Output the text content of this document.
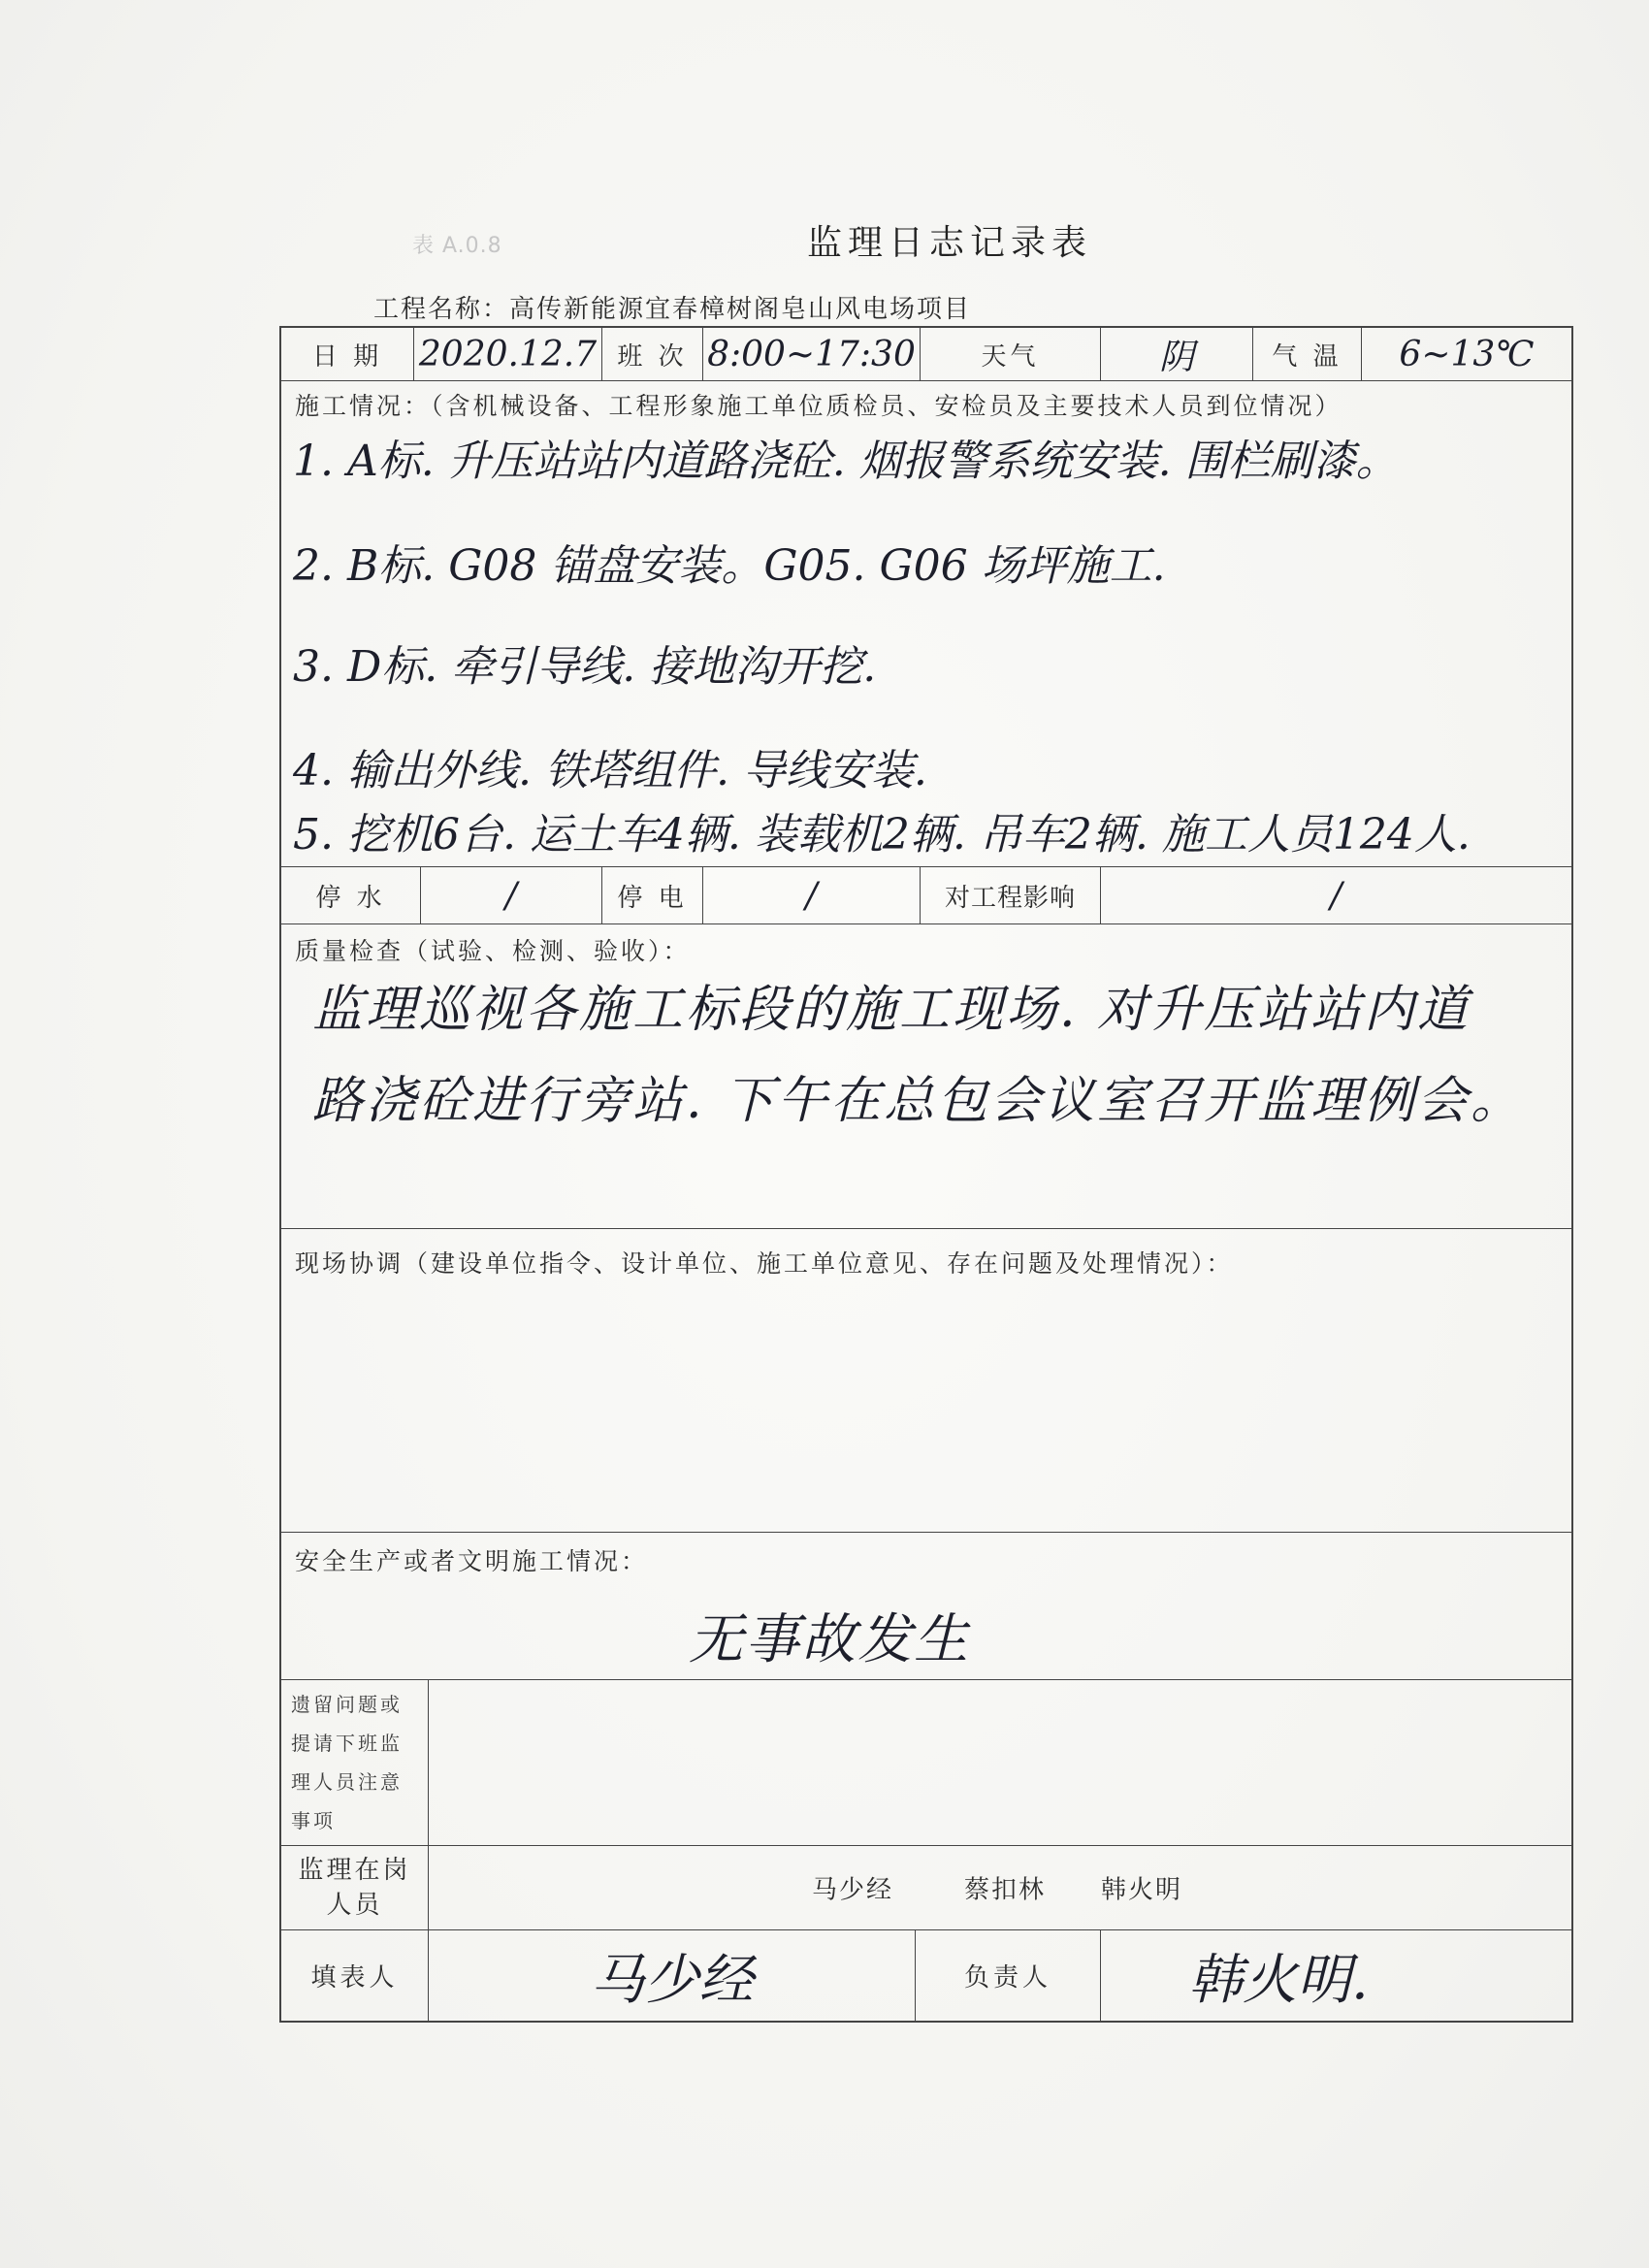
表 A.0.8	监理日志记录表
工程名称：高传新能源宜春樟树阁皂山风电场项目
日 期	2020.12.7 班 次 8:00~17:30	天气	阴	气 温	6~13℃
施工情况：（含机械设备、工程形象施工单位质检员、安检员及主要技术人员到位情况）
1. A标. 升压站站内道路浇砼. 烟报警系统安装. 围栏刷漆。
2. B标. G08 锚盘安装。G05. G06 场坪施工.
3. D标. 牵引导线. 接地沟开挖.
4. 输出外线. 铁塔组件. 导线安装.
5. 挖机6台. 运土车4辆. 装载机2辆. 吊车2辆. 施工人员124人.
停 水	/	停 电	/	对工程影响	/
质量检查（试验、检测、验收）：
监理巡视各施工标段的施工现场. 对升压站站内道
路浇砼进行旁站. 下午在总包会议室召开监理例会。
现场协调（建设单位指令、设计单位、施工单位意见、存在问题及处理情况）：
安全生产或者文明施工情况：
无事故发生
遗留问题或
提请下班监
理人员注意
事项
监理在岗
人员
马少经	蔡扣林 韩火明
填表人	马少经	负责人	韩火明.
